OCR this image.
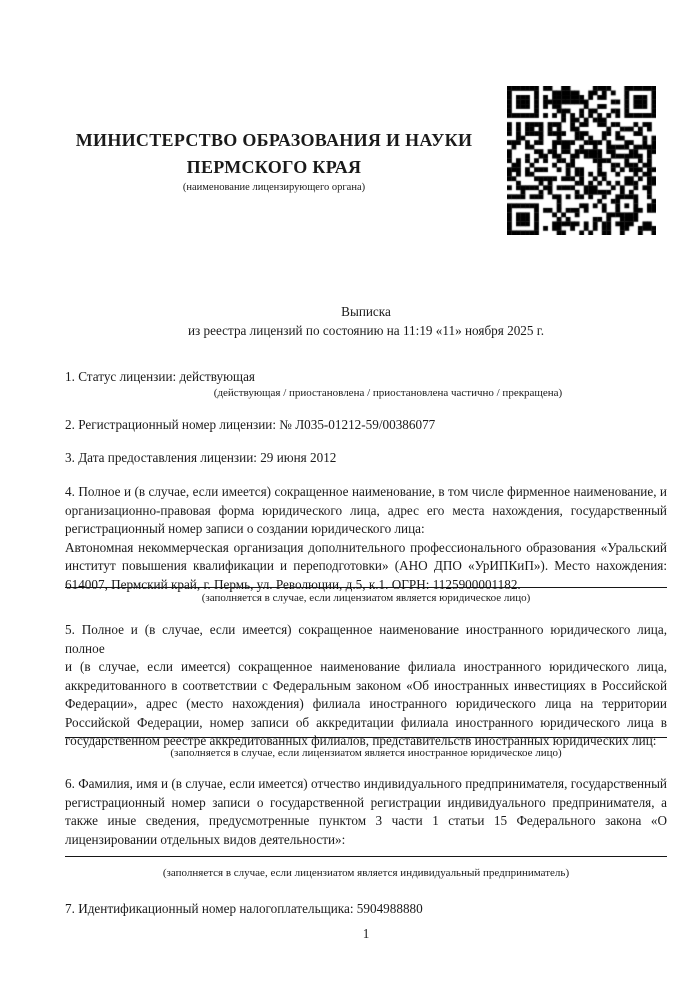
МИНИСТЕРСТВО ОБРАЗОВАНИЯ И НАУКИ
ПЕРМСКОГО КРАЯ
(наименование лицензирующего органа)
Выписка
из реестра лицензий по состоянию на 11:19 «11» ноября 2025 г.
1. Статус лицензии: действующая
(действующая / приостановлена / приостановлена частично / прекращена)
2. Регистрационный номер лицензии: № Л035-01212-59/00386077
3. Дата предоставления лицензии: 29 июня 2012
4. Полное и (в случае, если имеется) сокращенное наименование, в том числе фирменное наименование, и
организационно-правовая форма юридического лица, адрес его места нахождения, государственный
регистрационный номер записи о создании юридического лица:
Автономная некоммерческая организация дополнительного профессионального образования «Уральский
институт повышения квалификации и переподготовки» (АНО ДПО «УрИПКиП»). Место нахождения:
614007, Пермский край, г. Пермь, ул. Революции, д.5, к.1. ОГРН: 1125900001182.
(заполняется в случае, если лицензиатом является юридическое лицо)
5. Полное и (в случае, если имеется) сокращенное наименование иностранного юридического лица, полное
и (в случае, если имеется) сокращенное наименование филиала иностранного юридического лица,
аккредитованного в соответствии с Федеральным законом «Об иностранных инвестициях в Российской
Федерации», адрес (место нахождения) филиала иностранного юридического лица на территории
Российской Федерации, номер записи об аккредитации филиала иностранного юридического лица в
государственном реестре аккредитованных филиалов, представительств иностранных юридических лиц:
(заполняется в случае, если лицензиатом является иностранное юридическое лицо)
6. Фамилия, имя и (в случае, если имеется) отчество индивидуального предпринимателя, государственный
регистрационный номер записи о государственной регистрации индивидуального предпринимателя, а
также иные сведения, предусмотренные пунктом 3 части 1 статьи 15 Федерального закона «О
лицензировании отдельных видов деятельности»:
(заполняется в случае, если лицензиатом является индивидуальный предприниматель)
7. Идентификационный номер налогоплательщика: 5904988880
1
